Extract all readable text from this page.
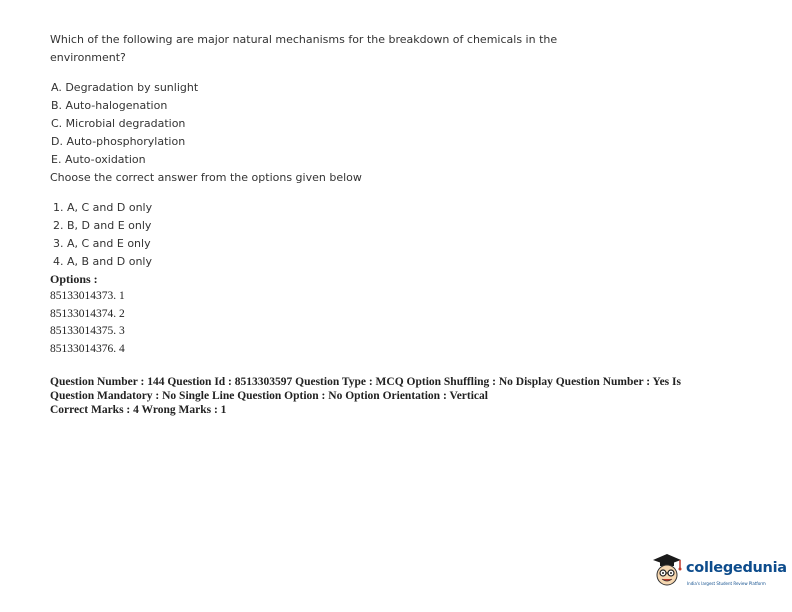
Which of the following are major natural mechanisms for the breakdown of chemicals in the environment?
A. Degradation by sunlight
B. Auto-halogenation
C. Microbial degradation
D. Auto-phosphorylation
E. Auto-oxidation
Choose the correct answer from the options given below
1. A, C and D only
2. B, D and E only
3. A, C and E only
4. A, B and D only
Options :
85133014373. 1
85133014374. 2
85133014375. 3
85133014376. 4
Question Number : 144 Question Id : 8513303597 Question Type : MCQ Option Shuffling : No Display Question Number : Yes Is
Question Mandatory : No Single Line Question Option : No Option Orientation : Vertical
Correct Marks : 4 Wrong Marks : 1
collegedunia
India's largest Student Review Platform
